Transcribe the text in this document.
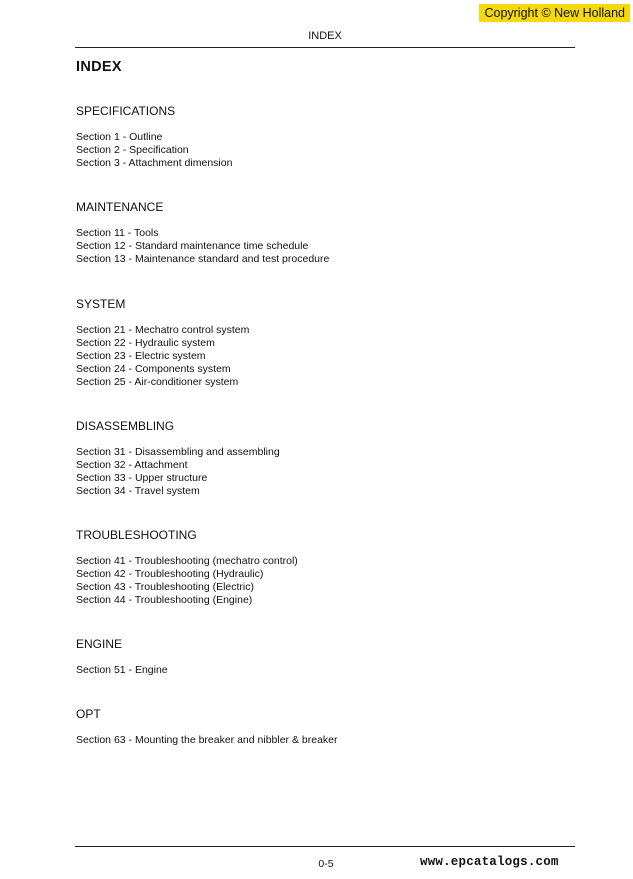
Copyright © New Holland
INDEX
INDEX
SPECIFICATIONS
Section 1 - Outline
Section 2 - Specification
Section 3 - Attachment dimension
MAINTENANCE
Section 11 - Tools
Section 12 - Standard maintenance time schedule
Section 13 - Maintenance standard and test procedure
SYSTEM
Section 21 - Mechatro control system
Section 22 - Hydraulic system
Section 23 - Electric system
Section 24 - Components system
Section 25 - Air-conditioner system
DISASSEMBLING
Section 31 - Disassembling and assembling
Section 32 - Attachment
Section 33 - Upper structure
Section 34 - Travel system
TROUBLESHOOTING
Section 41 - Troubleshooting (mechatro control)
Section 42 - Troubleshooting (Hydraulic)
Section 43 - Troubleshooting (Electric)
Section 44 - Troubleshooting (Engine)
ENGINE
Section 51 - Engine
OPT
Section 63 - Mounting the breaker and nibbler & breaker
0-5	www.epcatalogs.com
